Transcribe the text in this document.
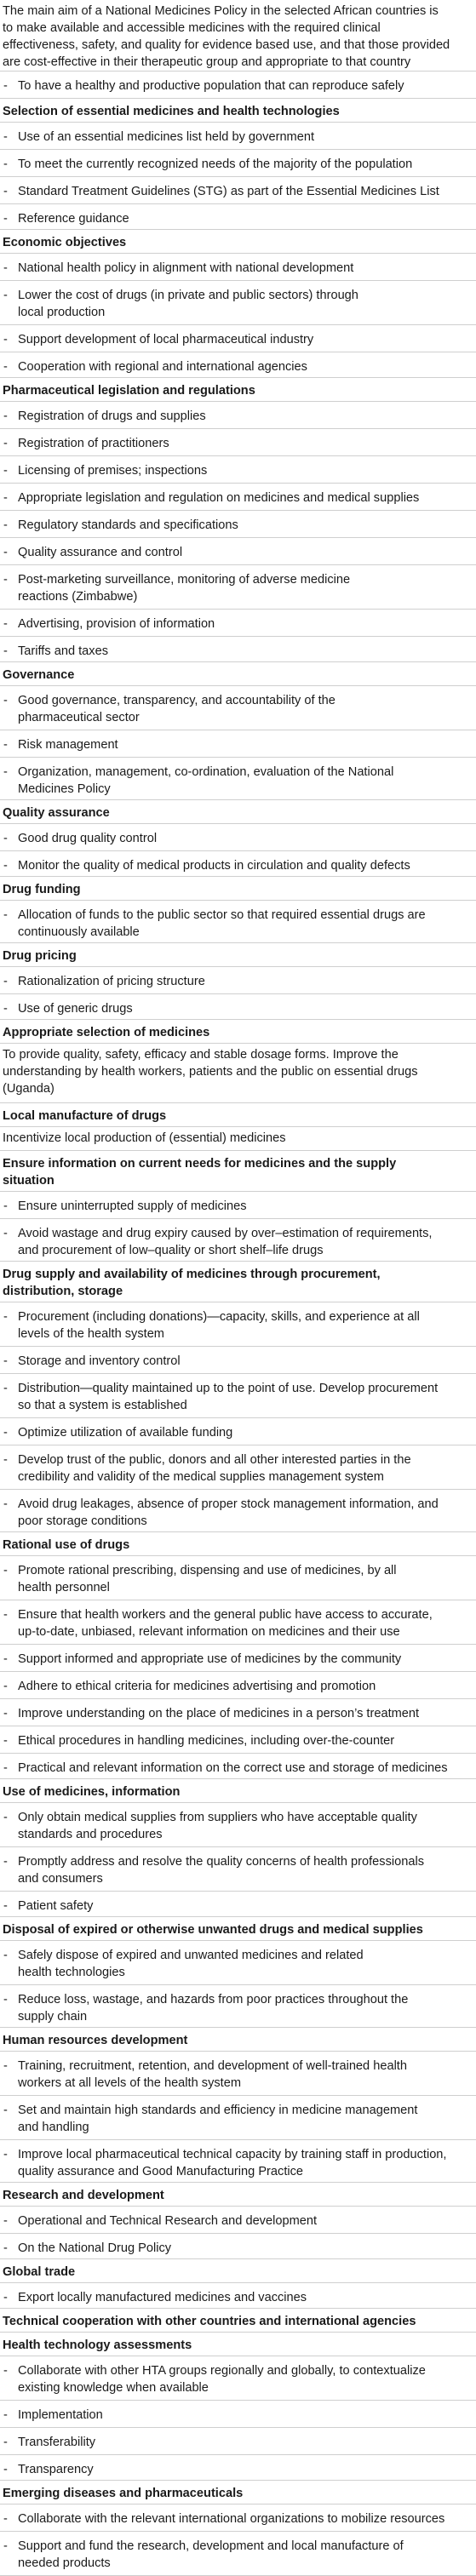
The main aim of a National Medicines Policy in the selected African countries is
to make available and accessible medicines with the required clinical
effectiveness, safety, and quality for evidence based use, and that those provided
are cost-effective in their therapeutic group and appropriate to that country
- To have a healthy and productive population that can reproduce safely
Selection of essential medicines and health technologies
- Use of an essential medicines list held by government
- To meet the currently recognized needs of the majority of the population
- Standard Treatment Guidelines (STG) as part of the Essential Medicines List
- Reference guidance
Economic objectives
- National health policy in alignment with national development
- Lower the cost of drugs (in private and public sectors) through
local production
- Support development of local pharmaceutical industry
- Cooperation with regional and international agencies
Pharmaceutical legislation and regulations
- Registration of drugs and supplies
- Registration of practitioners
- Licensing of premises; inspections
- Appropriate legislation and regulation on medicines and medical supplies
- Regulatory standards and specifications
- Quality assurance and control
- Post-marketing surveillance, monitoring of adverse medicine
reactions (Zimbabwe)
- Advertising, provision of information
- Tariffs and taxes
Governance
- Good governance, transparency, and accountability of the
pharmaceutical sector
- Risk management
- Organization, management, co-ordination, evaluation of the National
Medicines Policy
Quality assurance
- Good drug quality control
- Monitor the quality of medical products in circulation and quality defects
Drug funding
- Allocation of funds to the public sector so that required essential drugs are
continuously available
Drug pricing
- Rationalization of pricing structure
- Use of generic drugs
Appropriate selection of medicines
To provide quality, safety, efficacy and stable dosage forms. Improve the
understanding by health workers, patients and the public on essential drugs
(Uganda)
Local manufacture of drugs
Incentivize local production of (essential) medicines
Ensure information on current needs for medicines and the supply
situation
- Ensure uninterrupted supply of medicines
- Avoid wastage and drug expiry caused by over–estimation of requirements,
and procurement of low–quality or short shelf–life drugs
Drug supply and availability of medicines through procurement,
distribution, storage
- Procurement (including donations)—capacity, skills, and experience at all
levels of the health system
- Storage and inventory control
- Distribution—quality maintained up to the point of use. Develop procurement
so that a system is established
- Optimize utilization of available funding
- Develop trust of the public, donors and all other interested parties in the
credibility and validity of the medical supplies management system
- Avoid drug leakages, absence of proper stock management information, and
poor storage conditions
Rational use of drugs
- Promote rational prescribing, dispensing and use of medicines, by all
health personnel
- Ensure that health workers and the general public have access to accurate,
up-to-date, unbiased, relevant information on medicines and their use
- Support informed and appropriate use of medicines by the community
- Adhere to ethical criteria for medicines advertising and promotion
- Improve understanding on the place of medicines in a person’s treatment
- Ethical procedures in handling medicines, including over-the-counter
- Practical and relevant information on the correct use and storage of medicines
Use of medicines, information
- Only obtain medical supplies from suppliers who have acceptable quality
standards and procedures
- Promptly address and resolve the quality concerns of health professionals
and consumers
- Patient safety
Disposal of expired or otherwise unwanted drugs and medical supplies
- Safely dispose of expired and unwanted medicines and related
health technologies
- Reduce loss, wastage, and hazards from poor practices throughout the
supply chain
Human resources development
- Training, recruitment, retention, and development of well-trained health
workers at all levels of the health system
- Set and maintain high standards and efficiency in medicine management
and handling
- Improve local pharmaceutical technical capacity by training staff in production,
quality assurance and Good Manufacturing Practice
Research and development
- Operational and Technical Research and development
- On the National Drug Policy
Global trade
- Export locally manufactured medicines and vaccines
Technical cooperation with other countries and international agencies
Health technology assessments
- Collaborate with other HTA groups regionally and globally, to contextualize
existing knowledge when available
- Implementation
- Transferability
- Transparency
Emerging diseases and pharmaceuticals
- Collaborate with the relevant international organizations to mobilize resources
- Support and fund the research, development and local manufacture of
needed products
